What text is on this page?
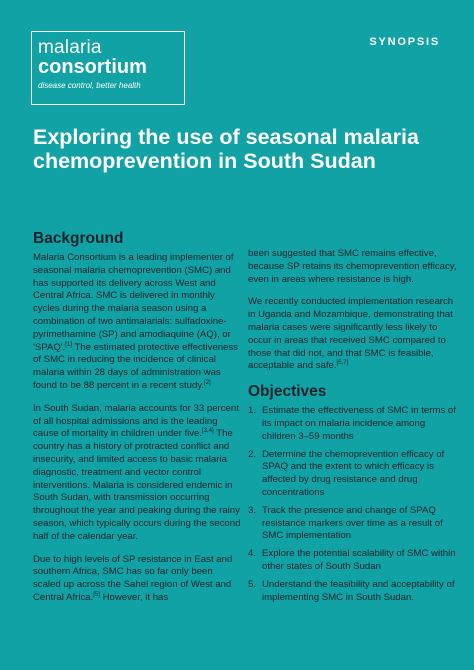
malaria
consortium
disease control, better health
SYNOPSIS
Exploring the use of seasonal malaria chemoprevention in South Sudan
Background

Malaria Consortium is a leading implementer of seasonal malaria chemoprevention (SMC) and has supported its delivery across West and Central Africa. SMC is delivered in monthly cycles during the malaria season using a combination of two antimalarials: sulfadoxine-pyrimethamine (SP) and amodiaquine (AQ), or 'SPAQ'.[1] The estimated protective effectiveness of SMC in reducing the incidence of clinical malaria within 28 days of administration was found to be 88 percent in a recent study.[2]

In South Sudan, malaria accounts for 33 percent of all hospital admissions and is the leading cause of mortality in children under five.[3,4] The country has a history of protracted conflict and insecurity, and limited access to basic malaria diagnostic, treatment and vector control interventions. Malaria is considered endemic in South Sudan, with transmission occurring throughout the year and peaking during the rainy season, which typically occurs during the second half of the calendar year.

Due to high levels of SP resistance in East and southern Africa, SMC has so far only been scaled up across the Sahel region of West and Central Africa.[5] However, it has

been suggested that SMC remains effective, because SP retains its chemoprevention efficacy, even in areas where resistance is high.

We recently conducted implementation research in Uganda and Mozambique, demonstrating that malaria cases were significantly less likely to occur in areas that received SMC compared to those that did not, and that SMC is feasible, acceptable and safe.[6,7]

Objectives
1. Estimate the effectiveness of SMC in terms of its impact on malaria incidence among children 3–59 months
2. Determine the chemoprevention efficacy of SPAQ and the extent to which efficacy is affected by drug resistance and drug concentrations
3. Track the presence and change of SPAQ resistance markers over time as a result of SMC implementation
4. Explore the potential scalability of SMC within other states of South Sudan
5. Understand the feasibility and acceptability of implementing SMC in South Sudan.
